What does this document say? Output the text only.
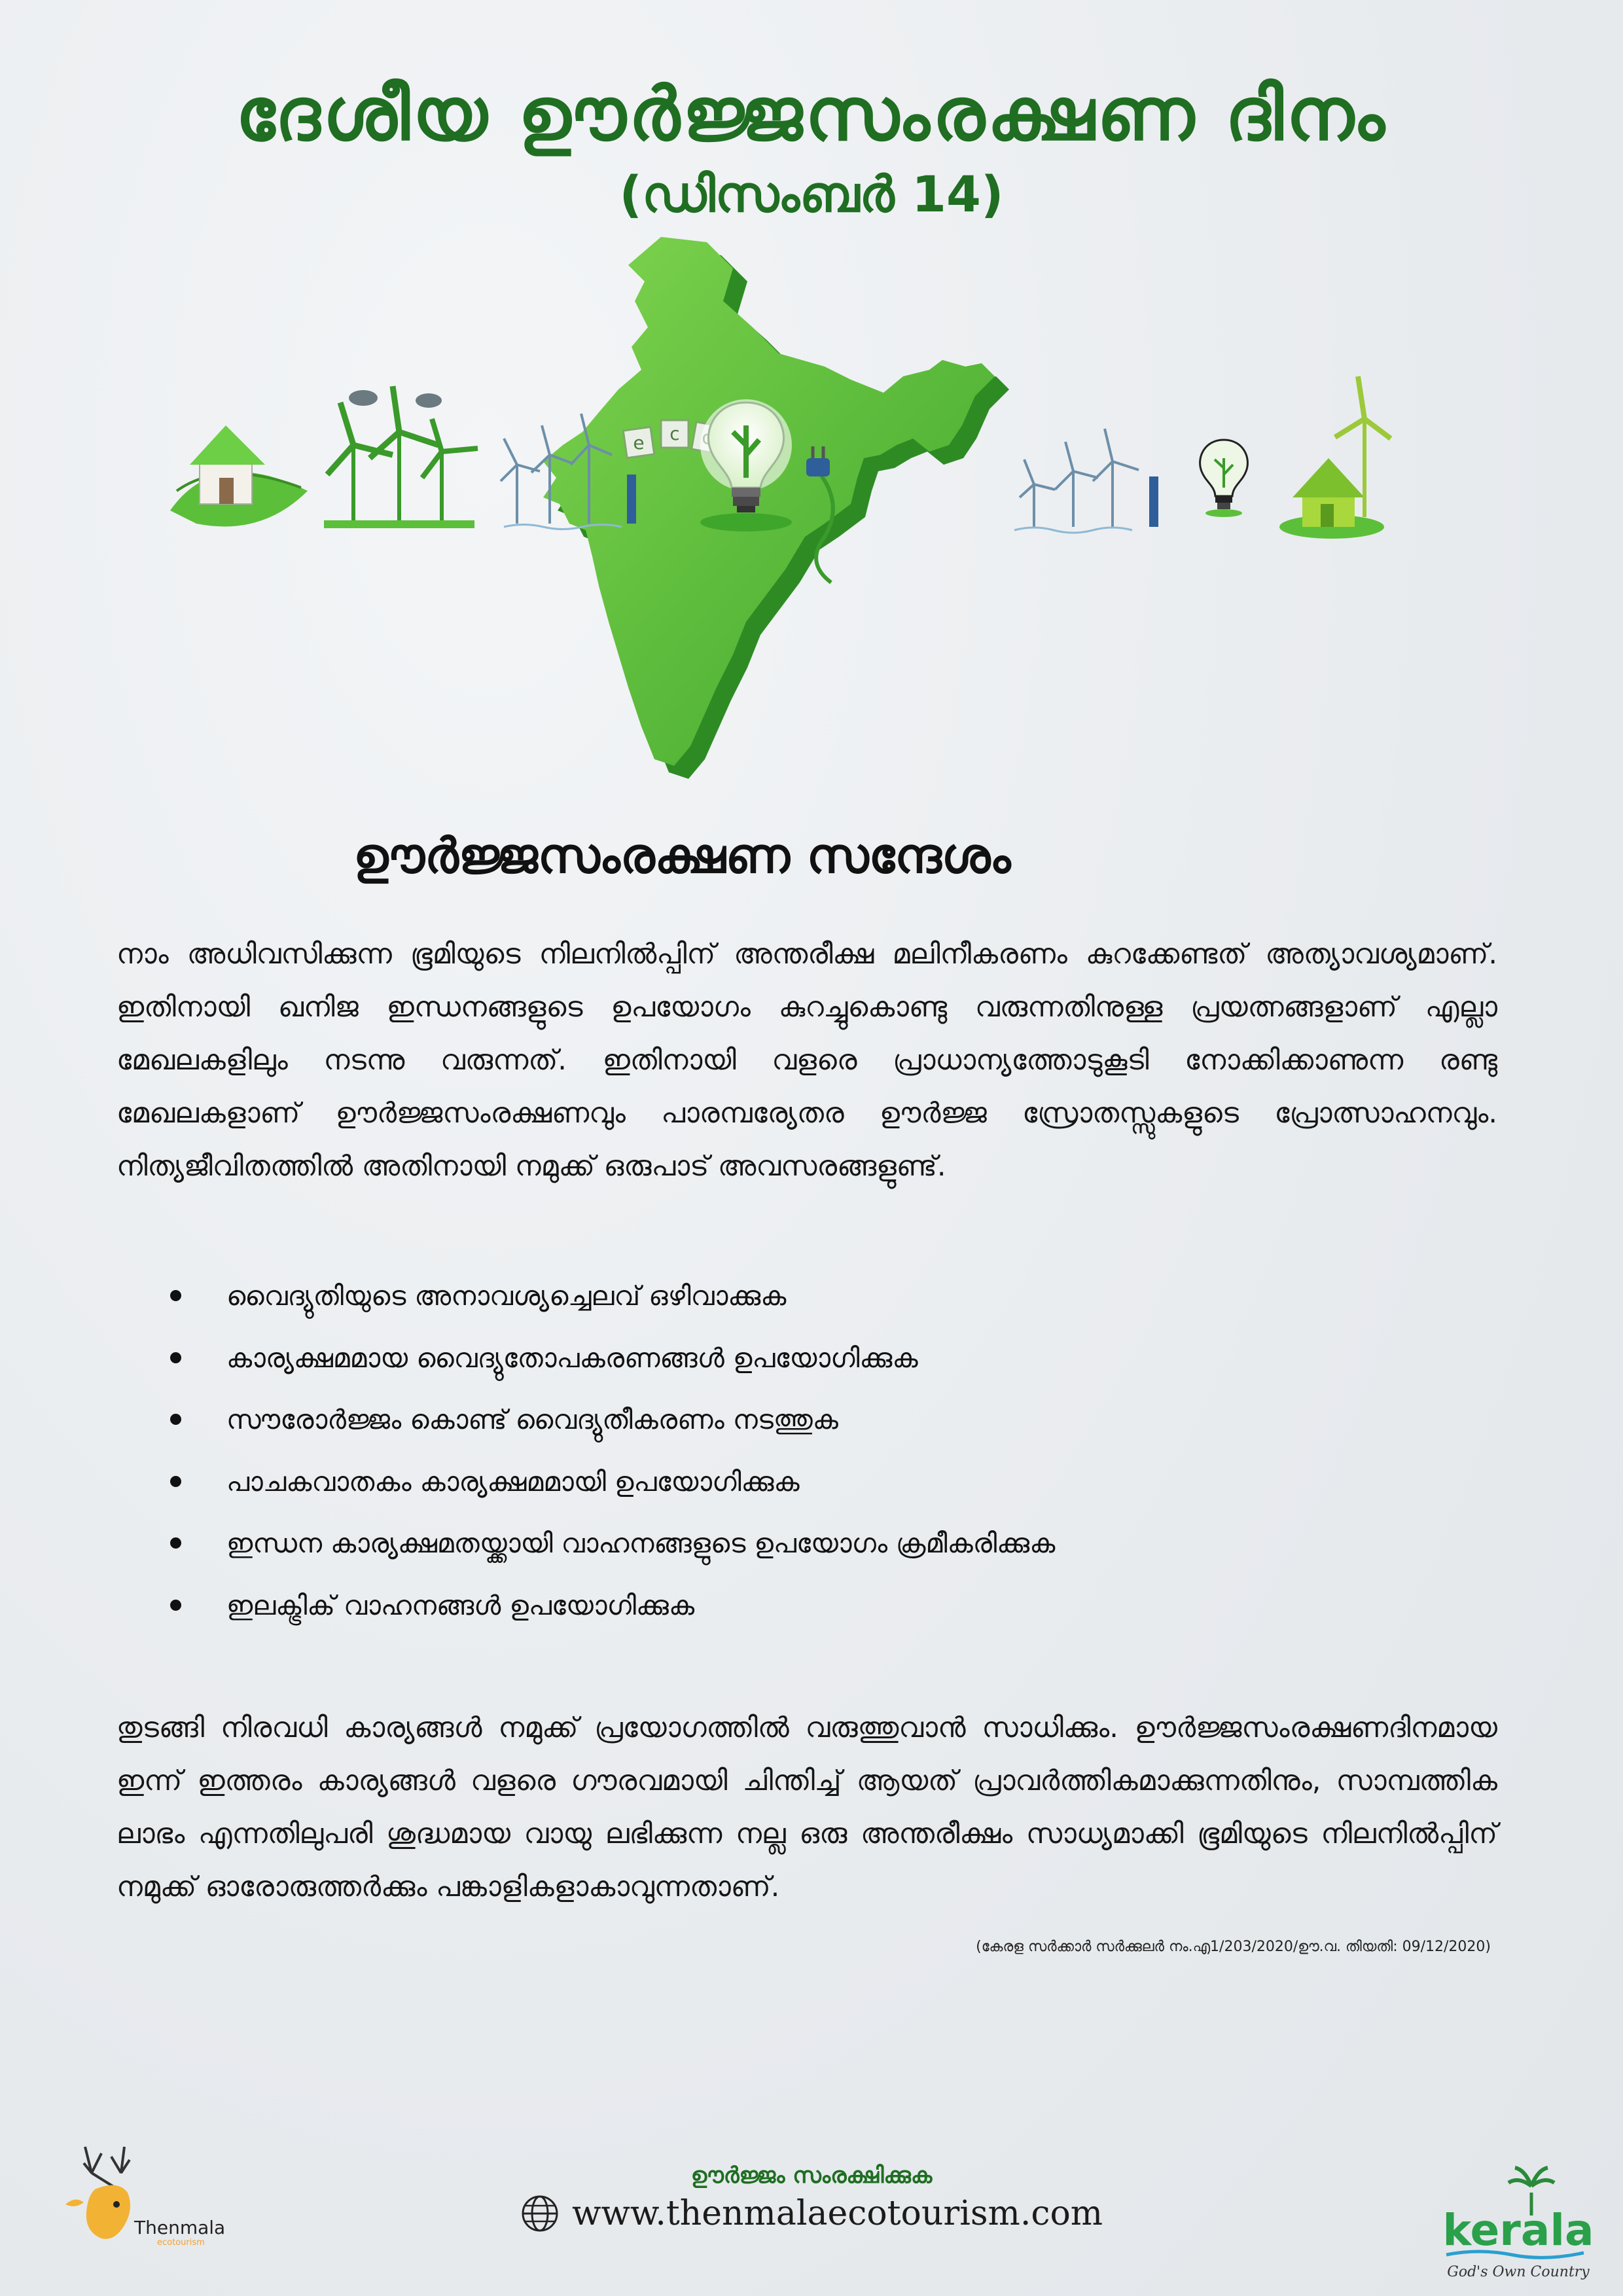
ദേശീയ ഊർജ്ജസംരക്ഷണ ദിനം
(ഡിസംബർ 14)
e c
ഊർജ്ജസംരക്ഷണ സന്ദേശം

നാം അധിവസിക്കുന്ന ഭൂമിയുടെ നിലനിൽപ്പിന് അന്തരീക്ഷ മലിനീകരണം കുറക്കേണ്ടത് അത്യാവശ്യമാണ്. ഇതിനായി ഖനിജ ഇന്ധനങ്ങളുടെ ഉപയോഗം കുറച്ചുകൊണ്ടു വരുന്നതിനുള്ള പ്രയത്നങ്ങളാണ് എല്ലാ മേഖലകളിലും നടന്നു വരുന്നത്. ഇതിനായി വളരെ പ്രാധാന്യത്തോടുകൂടി നോക്കിക്കാണുന്ന രണ്ടു മേഖലകളാണ് ഊർജ്ജസംരക്ഷണവും പാരമ്പര്യേതര ഊർജ്ജ സ്രോതസ്സുകളുടെ പ്രോത്സാഹനവും. നിത്യജീവിതത്തിൽ അതിനായി നമുക്ക് ഒരുപാട് അവസരങ്ങളുണ്ട്.

വൈദ്യുതിയുടെ അനാവശ്യച്ചെലവ് ഒഴിവാക്കുക
കാര്യക്ഷമമായ വൈദ്യുതോപകരണങ്ങൾ ഉപയോഗിക്കുക
സൗരോർജ്ജം കൊണ്ട് വൈദ്യുതീകരണം നടത്തുക
പാചകവാതകം കാര്യക്ഷമമായി ഉപയോഗിക്കുക
ഇന്ധന കാര്യക്ഷമതയ്ക്കായി വാഹനങ്ങളുടെ ഉപയോഗം ക്രമീകരിക്കുക
ഇലക്ട്രിക് വാഹനങ്ങൾ ഉപയോഗിക്കുക

തുടങ്ങി നിരവധി കാര്യങ്ങൾ നമുക്ക് പ്രയോഗത്തിൽ വരുത്തുവാൻ സാധിക്കും. ഊർജ്ജസംരക്ഷണദിനമായ ഇന്ന് ഇത്തരം കാര്യങ്ങൾ വളരെ ഗൗരവമായി ചിന്തിച്ച് ആയത് പ്രാവർത്തികമാക്കുന്നതിനും, സാമ്പത്തിക ലാഭം എന്നതിലുപരി ശുദ്ധമായ വായു ലഭിക്കുന്ന നല്ല ഒരു അന്തരീക്ഷം സാധ്യമാക്കി ഭൂമിയുടെ നിലനിൽപ്പിന് നമുക്ക് ഓരോരുത്തർക്കും പങ്കാളികളാകാവുന്നതാണ്.

(കേരള സർക്കാർ സർക്കുലർ നം.എ1/203/2020/ഊ.വ. തിയതി: 09/12/2020)
Thenmala
ecotourism
ഊർജ്ജം സംരക്ഷിക്കുക
www.thenmalaecotourism.com	kerala
God's Own Country
